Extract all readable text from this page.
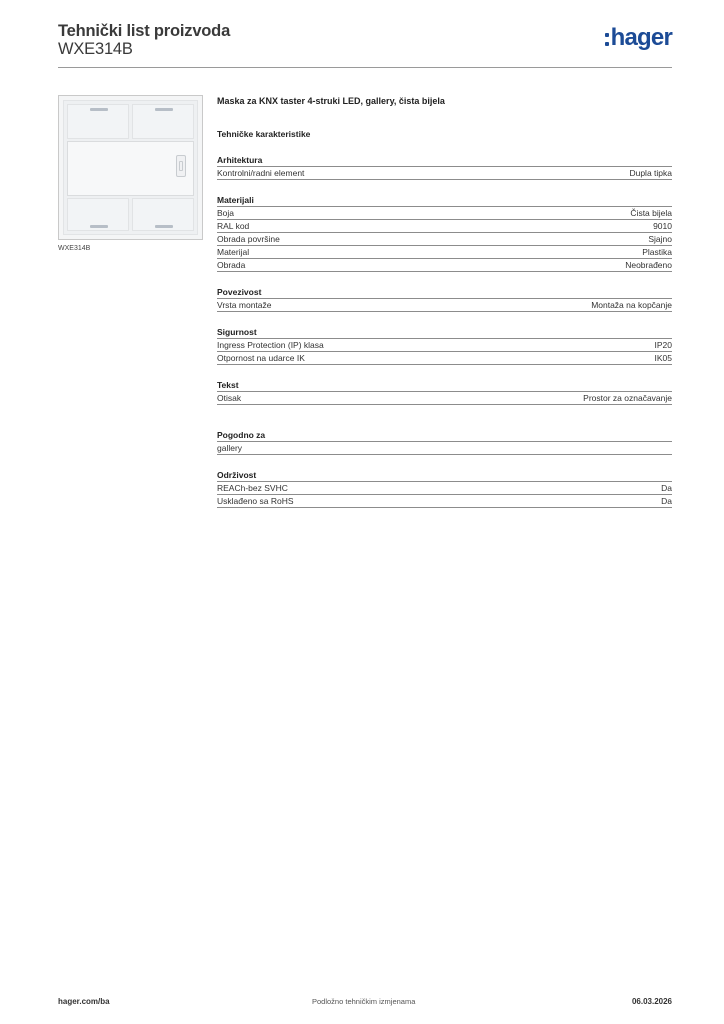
Tehnički list proizvoda
WXE314B	hager
WXE314B
Maska za KNX taster 4-struki LED, gallery, čista bijela
Tehničke karakteristike
Arhitektura
Kontrolni/radni element	Dupla tipka
Materijali
Boja	Čista bijela
RAL kod	9010
Obrada površine	Sjajno
Materijal	Plastika
Obrada	Neobrađeno
Povezivost
Vrsta montaže	Montaža na kopčanje
Sigurnost
Ingress Protection (IP) klasa	IP20
Otpornost na udarce IK	IK05
Tekst
Otisak	Prostor za označavanje
Pogodno za
gallery
Održivost
REACh-bez SVHC	Da
Usklađeno sa RoHS	Da
hager.com/ba	Podložno tehničkim izmjenama	06.03.2026
